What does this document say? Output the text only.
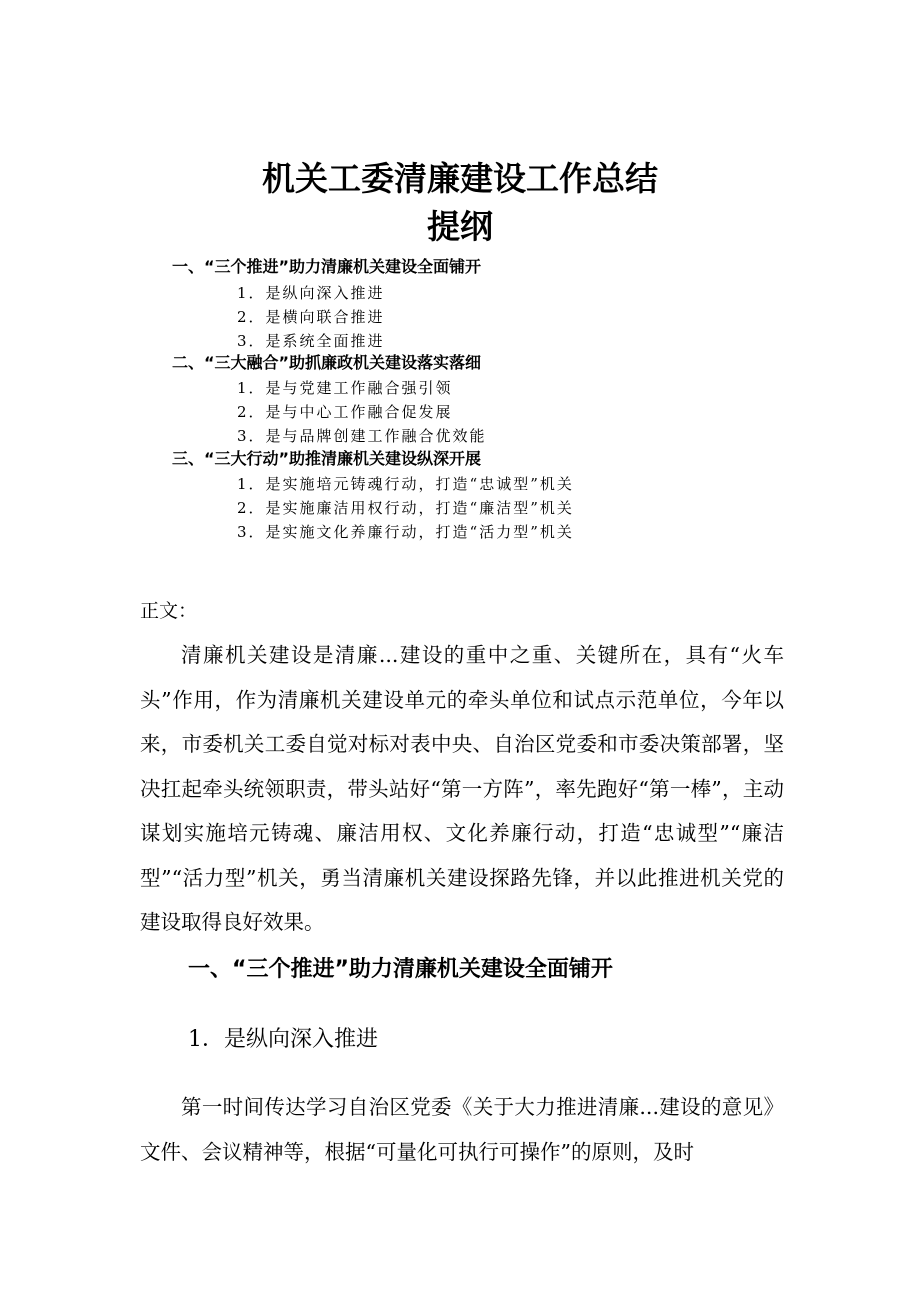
机关工委清廉建设工作总结
提纲
一、“三个推进”助力清廉机关建设全面铺开
1．是纵向深入推进
2．是横向联合推进
3．是系统全面推进
二、“三大融合”助抓廉政机关建设落实落细
1．是与党建工作融合强引领
2．是与中心工作融合促发展
3．是与品牌创建工作融合优效能
三、“三大行动”助推清廉机关建设纵深开展
1．是实施培元铸魂行动，打造“忠诚型”机关
2．是实施廉洁用权行动，打造“廉洁型”机关
3．是实施文化养廉行动，打造“活力型”机关
正文：

清廉机关建设是清廉...建设的重中之重、关键所在，具有“火车头”作用，作为清廉机关建设单元的牵头单位和试点示范单位，今年以来，市委机关工委自觉对标对表中央、自治区党委和市委决策部署，坚决扛起牵头统领职责，带头站好“第一方阵”，率先跑好“第一棒”，主动谋划实施培元铸魂、廉洁用权、文化养廉行动，打造“忠诚型”“廉洁型”“活力型”机关，勇当清廉机关建设探路先锋，并以此推进机关党的建设取得良好效果。

一、“三个推进”助力清廉机关建设全面铺开
1．是纵向深入推进

第一时间传达学习自治区党委《关于大力推进清廉...建设的意见》文件、会议精神等，根据“可量化可执行可操作”的原则，及时
